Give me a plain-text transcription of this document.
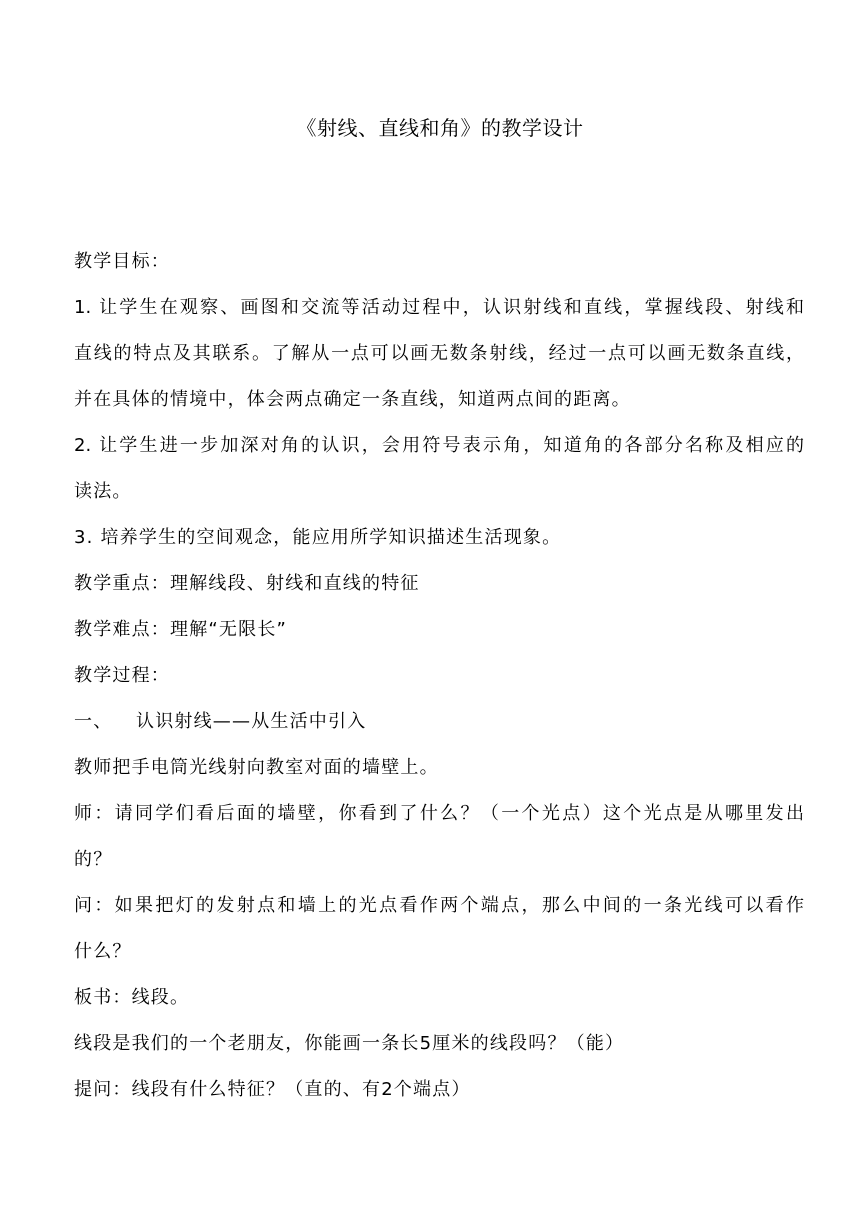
《射线、直线和角》的教学设计
教学目标：
1. 让学生在观察、画图和交流等活动过程中，认识射线和直线，掌握线段、射线和
直线的特点及其联系。了解从一点可以画无数条射线，经过一点可以画无数条直线，
并在具体的情境中，体会两点确定一条直线，知道两点间的距离。
2. 让学生进一步加深对角的认识，会用符号表示角，知道角的各部分名称及相应的
读法。
3. 培养学生的空间观念，能应用所学知识描述生活现象。
教学重点：理解线段、射线和直线的特征
教学难点：理解“无限长”
教学过程：
一、 认识射线——从生活中引入
教师把手电筒光线射向教室对面的墙壁上。
师：请同学们看后面的墙壁，你看到了什么？（一个光点）这个光点是从哪里发出
的？
问：如果把灯的发射点和墙上的光点看作两个端点，那么中间的一条光线可以看作
什么？
板书：线段。
线段是我们的一个老朋友，你能画一条长5厘米的线段吗？（能）
提问：线段有什么特征？（直的、有2个端点）
